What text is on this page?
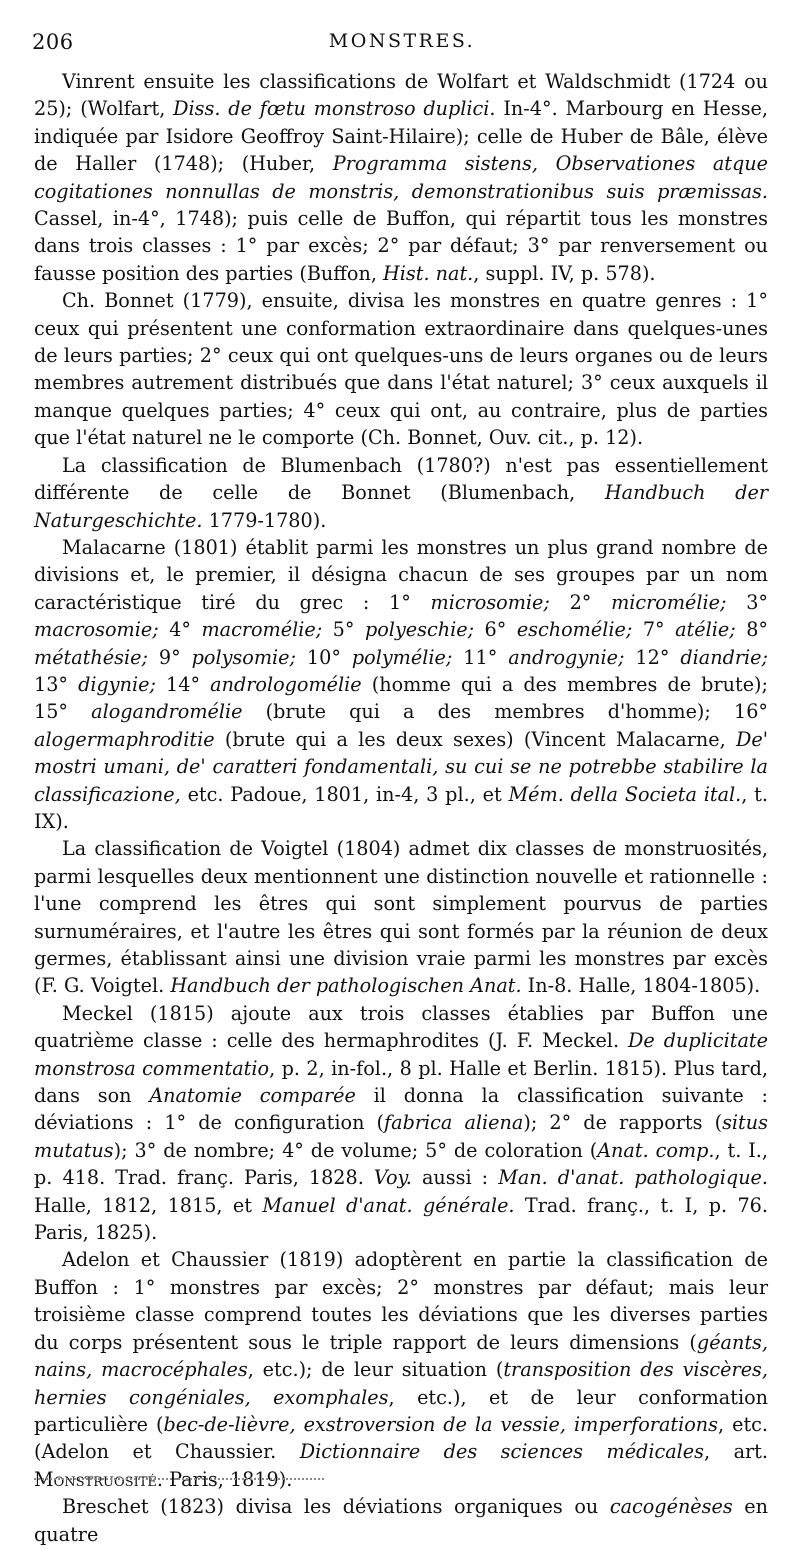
206	MONSTRES.

Vinrent ensuite les classifications de Wolfart et Waldschmidt (1724 ou 25); (Wolfart, Diss. de fœtu monstroso duplici. In-4°. Marbourg en Hesse, indiquée par Isidore Geoffroy Saint-Hilaire); celle de Huber de Bâle, élève de Haller (1748); (Huber, Programma sistens, Observationes atque cogitationes nonnullas de monstris, demonstrationibus suis præmissas. Cassel, in-4°, 1748); puis celle de Buffon, qui répartit tous les monstres dans trois classes : 1° par excès; 2° par défaut; 3° par renversement ou fausse position des parties (Buffon, Hist. nat., suppl. IV, p. 578).

Ch. Bonnet (1779), ensuite, divisa les monstres en quatre genres : 1° ceux qui présentent une conformation extraordinaire dans quelques-unes de leurs parties; 2° ceux qui ont quelques-uns de leurs organes ou de leurs membres autrement distribués que dans l'état naturel; 3° ceux auxquels il manque quelques parties; 4° ceux qui ont, au contraire, plus de parties que l'état naturel ne le comporte (Ch. Bonnet, Ouv. cit., p. 12).

La classification de Blumenbach (1780?) n'est pas essentiellement différente de celle de Bonnet (Blumenbach, Handbuch der Naturgeschichte. 1779-1780).

Malacarne (1801) établit parmi les monstres un plus grand nombre de divisions et, le premier, il désigna chacun de ses groupes par un nom caractéristique tiré du grec : 1° microsomie; 2° micromélie; 3° macrosomie; 4° macromélie; 5° polyeschie; 6° eschomélie; 7° atélie; 8° métathésie; 9° polysomie; 10° polymélie; 11° androgynie; 12° diandrie; 13° digynie; 14° andrologomélie (homme qui a des membres de brute); 15° alogandromélie (brute qui a des membres d'homme); 16° alogermaphroditie (brute qui a les deux sexes) (Vincent Malacarne, De' mostri umani, de' caratteri fondamentali, su cui se ne potrebbe stabilire la classificazione, etc. Padoue, 1801, in-4, 3 pl., et Mém. della Societa ital., t. IX).

La classification de Voigtel (1804) admet dix classes de monstruosités, parmi lesquelles deux mentionnent une distinction nouvelle et rationnelle : l'une comprend les êtres qui sont simplement pourvus de parties surnuméraires, et l'autre les êtres qui sont formés par la réunion de deux germes, établissant ainsi une division vraie parmi les monstres par excès (F. G. Voigtel. Handbuch der pathologischen Anat. In-8. Halle, 1804-1805).

Meckel (1815) ajoute aux trois classes établies par Buffon une quatrième classe : celle des hermaphrodites (J. F. Meckel. De duplicitate monstrosa commentatio, p. 2, in-fol., 8 pl. Halle et Berlin. 1815). Plus tard, dans son Anatomie comparée il donna la classification suivante : déviations : 1° de configuration (fabrica aliena); 2° de rapports (situs mutatus); 3° de nombre; 4° de volume; 5° de coloration (Anat. comp., t. I., p. 418. Trad. franç. Paris, 1828. Voy. aussi : Man. d'anat. pathologique. Halle, 1812, 1815, et Manuel d'anat. générale. Trad. franç., t. I, p. 76. Paris, 1825).

Adelon et Chaussier (1819) adoptèrent en partie la classification de Buffon : 1° monstres par excès; 2° monstres par défaut; mais leur troisième classe comprend toutes les déviations que les diverses parties du corps présentent sous le triple rapport de leurs dimensions (géants, nains, macrocéphales, etc.); de leur situation (transposition des viscères, hernies congéniales, exomphales, etc.), et de leur conformation particulière (bec-de-lièvre, exstroversion de la vessie, imperforations, etc. (Adelon et Chaussier. Dictionnaire des sciences médicales, art. Monstruosité. Paris, 1819).

Breschet (1823) divisa les déviations organiques ou cacogénèses en quatre
